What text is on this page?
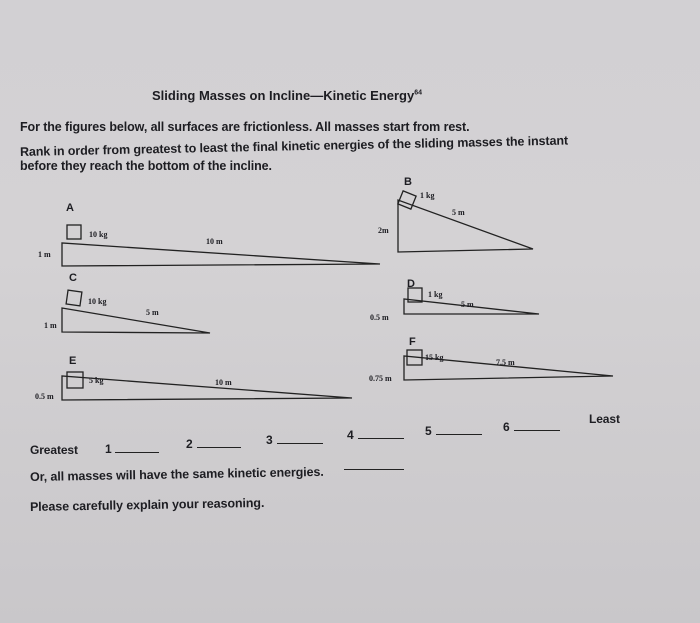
Sliding Masses on Incline—Kinetic Energy$^{64}$
For the figures below, all surfaces are frictionless. All masses start from rest.
Rank in order from greatest to least the final kinetic energies of the sliding masses the instant
before they reach the bottom of the incline.
A
10 kg
10 m
1 m
C
10 kg
5 m
1 m
E
5 kg	10 m
0.5 m
B
1 kg
5 m
2m
D
1 kg
5 m
0.5 m
F
15 kg
7.5 m
0.75 m
Greatest 1	2	3	4	5	6
Least
Or, all masses will have the same kinetic energies.
Please carefully explain your reasoning.
